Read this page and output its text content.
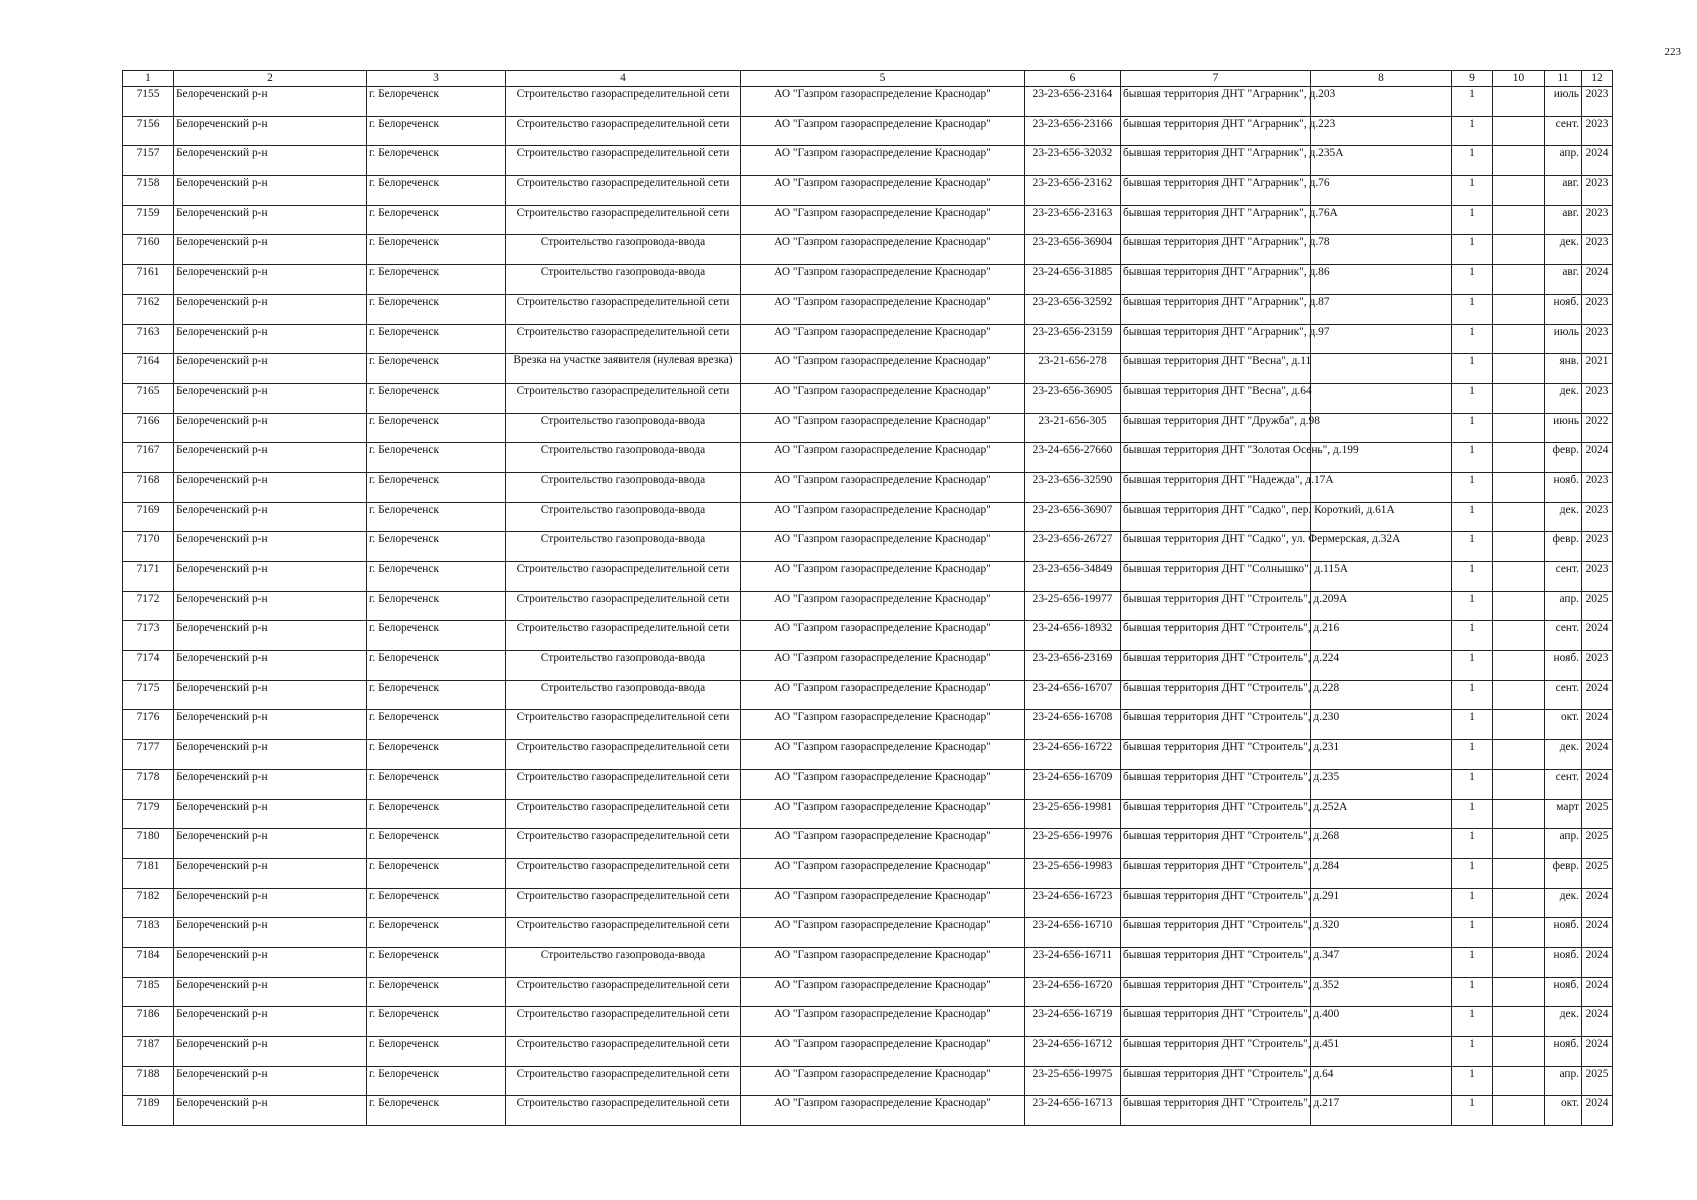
223
1	2	3	4	5	6	7	8	9	10	11	12
7155	Белореченский р-н	г. Белореченск	Строительство газораспределительной сети	АО "Газпром газораспределение Краснодар"	23-23-656-23164	бывшая территория ДНТ "Аграрник", д.203		1		июль	2023
7156	Белореченский р-н	г. Белореченск	Строительство газораспределительной сети	АО "Газпром газораспределение Краснодар"	23-23-656-23166	бывшая территория ДНТ "Аграрник", д.223		1		сент.	2023
7157	Белореченский р-н	г. Белореченск	Строительство газораспределительной сети	АО "Газпром газораспределение Краснодар"	23-23-656-32032	бывшая территория ДНТ "Аграрник", д.235А		1		апр.	2024
7158	Белореченский р-н	г. Белореченск	Строительство газораспределительной сети	АО "Газпром газораспределение Краснодар"	23-23-656-23162	бывшая территория ДНТ "Аграрник", д.76		1		авг.	2023
7159	Белореченский р-н	г. Белореченск	Строительство газораспределительной сети	АО "Газпром газораспределение Краснодар"	23-23-656-23163	бывшая территория ДНТ "Аграрник", д.76А		1		авг.	2023
7160	Белореченский р-н	г. Белореченск	Строительство газопровода-ввода	АО "Газпром газораспределение Краснодар"	23-23-656-36904	бывшая территория ДНТ "Аграрник", д.78		1		дек.	2023
7161	Белореченский р-н	г. Белореченск	Строительство газопровода-ввода	АО "Газпром газораспределение Краснодар"	23-24-656-31885	бывшая территория ДНТ "Аграрник", д.86		1		авг.	2024
7162	Белореченский р-н	г. Белореченск	Строительство газораспределительной сети	АО "Газпром газораспределение Краснодар"	23-23-656-32592	бывшая территория ДНТ "Аграрник", д.87		1		нояб.	2023
7163	Белореченский р-н	г. Белореченск	Строительство газораспределительной сети	АО "Газпром газораспределение Краснодар"	23-23-656-23159	бывшая территория ДНТ "Аграрник", д.97		1		июль	2023
7164	Белореченский р-н	г. Белореченск	Врезка на участке заявителя (нулевая врезка)	АО "Газпром газораспределение Краснодар"	23-21-656-278	бывшая территория ДНТ "Весна", д.11		1		янв.	2021
7165	Белореченский р-н	г. Белореченск	Строительство газораспределительной сети	АО "Газпром газораспределение Краснодар"	23-23-656-36905	бывшая территория ДНТ "Весна", д.64		1		дек.	2023
7166	Белореченский р-н	г. Белореченск	Строительство газопровода-ввода	АО "Газпром газораспределение Краснодар"	23-21-656-305	бывшая территория ДНТ "Дружба", д.98		1		июнь	2022
7167	Белореченский р-н	г. Белореченск	Строительство газопровода-ввода	АО "Газпром газораспределение Краснодар"	23-24-656-27660	бывшая территория ДНТ "Золотая Осень", д.199		1		февр.	2024
7168	Белореченский р-н	г. Белореченск	Строительство газопровода-ввода	АО "Газпром газораспределение Краснодар"	23-23-656-32590	бывшая территория ДНТ "Надежда", д.17А		1		нояб.	2023
7169	Белореченский р-н	г. Белореченск	Строительство газопровода-ввода	АО "Газпром газораспределение Краснодар"	23-23-656-36907	бывшая территория ДНТ "Садко", пер. Короткий, д.61А		1		дек.	2023
7170	Белореченский р-н	г. Белореченск	Строительство газопровода-ввода	АО "Газпром газораспределение Краснодар"	23-23-656-26727	бывшая территория ДНТ "Садко", ул. Фермерская, д.32А		1		февр.	2023
7171	Белореченский р-н	г. Белореченск	Строительство газораспределительной сети	АО "Газпром газораспределение Краснодар"	23-23-656-34849	бывшая территория ДНТ "Солнышко", д.115А		1		сент.	2023
7172	Белореченский р-н	г. Белореченск	Строительство газораспределительной сети	АО "Газпром газораспределение Краснодар"	23-25-656-19977	бывшая территория ДНТ "Строитель", д.209А		1		апр.	2025
7173	Белореченский р-н	г. Белореченск	Строительство газораспределительной сети	АО "Газпром газораспределение Краснодар"	23-24-656-18932	бывшая территория ДНТ "Строитель", д.216		1		сент.	2024
7174	Белореченский р-н	г. Белореченск	Строительство газопровода-ввода	АО "Газпром газораспределение Краснодар"	23-23-656-23169	бывшая территория ДНТ "Строитель", д.224		1		нояб.	2023
7175	Белореченский р-н	г. Белореченск	Строительство газопровода-ввода	АО "Газпром газораспределение Краснодар"	23-24-656-16707	бывшая территория ДНТ "Строитель", д.228		1		сент.	2024
7176	Белореченский р-н	г. Белореченск	Строительство газораспределительной сети	АО "Газпром газораспределение Краснодар"	23-24-656-16708	бывшая территория ДНТ "Строитель", д.230		1		окт.	2024
7177	Белореченский р-н	г. Белореченск	Строительство газораспределительной сети	АО "Газпром газораспределение Краснодар"	23-24-656-16722	бывшая территория ДНТ "Строитель", д.231		1		дек.	2024
7178	Белореченский р-н	г. Белореченск	Строительство газораспределительной сети	АО "Газпром газораспределение Краснодар"	23-24-656-16709	бывшая территория ДНТ "Строитель", д.235		1		сент.	2024
7179	Белореченский р-н	г. Белореченск	Строительство газораспределительной сети	АО "Газпром газораспределение Краснодар"	23-25-656-19981	бывшая территория ДНТ "Строитель", д.252А		1		март	2025
7180	Белореченский р-н	г. Белореченск	Строительство газораспределительной сети	АО "Газпром газораспределение Краснодар"	23-25-656-19976	бывшая территория ДНТ "Строитель", д.268		1		апр.	2025
7181	Белореченский р-н	г. Белореченск	Строительство газораспределительной сети	АО "Газпром газораспределение Краснодар"	23-25-656-19983	бывшая территория ДНТ "Строитель", д.284		1		февр.	2025
7182	Белореченский р-н	г. Белореченск	Строительство газораспределительной сети	АО "Газпром газораспределение Краснодар"	23-24-656-16723	бывшая территория ДНТ "Строитель", д.291		1		дек.	2024
7183	Белореченский р-н	г. Белореченск	Строительство газораспределительной сети	АО "Газпром газораспределение Краснодар"	23-24-656-16710	бывшая территория ДНТ "Строитель", д.320		1		нояб.	2024
7184	Белореченский р-н	г. Белореченск	Строительство газопровода-ввода	АО "Газпром газораспределение Краснодар"	23-24-656-16711	бывшая территория ДНТ "Строитель", д.347		1		нояб.	2024
7185	Белореченский р-н	г. Белореченск	Строительство газораспределительной сети	АО "Газпром газораспределение Краснодар"	23-24-656-16720	бывшая территория ДНТ "Строитель", д.352		1		нояб.	2024
7186	Белореченский р-н	г. Белореченск	Строительство газораспределительной сети	АО "Газпром газораспределение Краснодар"	23-24-656-16719	бывшая территория ДНТ "Строитель", д.400		1		дек.	2024
7187	Белореченский р-н	г. Белореченск	Строительство газораспределительной сети	АО "Газпром газораспределение Краснодар"	23-24-656-16712	бывшая территория ДНТ "Строитель", д.451		1		нояб.	2024
7188	Белореченский р-н	г. Белореченск	Строительство газораспределительной сети	АО "Газпром газораспределение Краснодар"	23-25-656-19975	бывшая территория ДНТ "Строитель", д.64		1		апр.	2025
7189	Белореченский р-н	г. Белореченск	Строительство газораспределительной сети	АО "Газпром газораспределение Краснодар"	23-24-656-16713	бывшая территория ДНТ "Строитель", д.217		1		окт.	2024
